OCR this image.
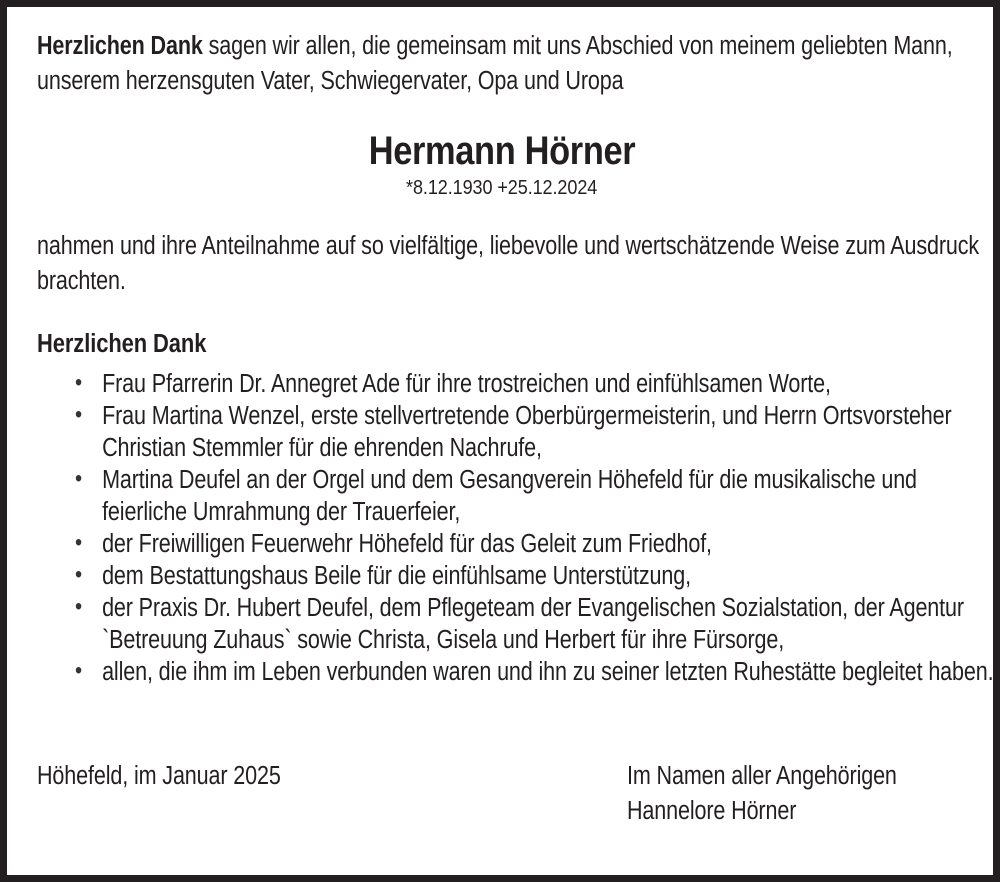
Herzlichen Dank sagen wir allen, die gemeinsam mit uns Abschied von meinem geliebten Mann, unserem herzensguten Vater, Schwiegervater, Opa und Uropa

Hermann Hörner
*8.12.1930 +25.12.2024

nahmen und ihre Anteilnahme auf so vielfältige, liebevolle und wertschätzende Weise zum Ausdruck brachten.

Herzlichen Dank
• Frau Pfarrerin Dr. Annegret Ade für ihre trostreichen und einfühlsamen Worte,
• Frau Martina Wenzel, erste stellvertretende Oberbürgermeisterin, und Herrn Ortsvorsteher Christian Stemmler für die ehrenden Nachrufe,
• Martina Deufel an der Orgel und dem Gesangverein Höhefeld für die musikalische und feierliche Umrahmung der Trauerfeier,
• der Freiwilligen Feuerwehr Höhefeld für das Geleit zum Friedhof,
• dem Bestattungshaus Beile für die einfühlsame Unterstützung,
• der Praxis Dr. Hubert Deufel, dem Pflegeteam der Evangelischen Sozialstation, der Agentur `Betreuung Zuhaus` sowie Christa, Gisela und Herbert für ihre Fürsorge,
• allen, die ihm im Leben verbunden waren und ihn zu seiner letzten Ruhestätte begleitet haben.
Höhefeld, im Januar 2025	Im Namen aller Angehörigen
Hannelore Hörner
